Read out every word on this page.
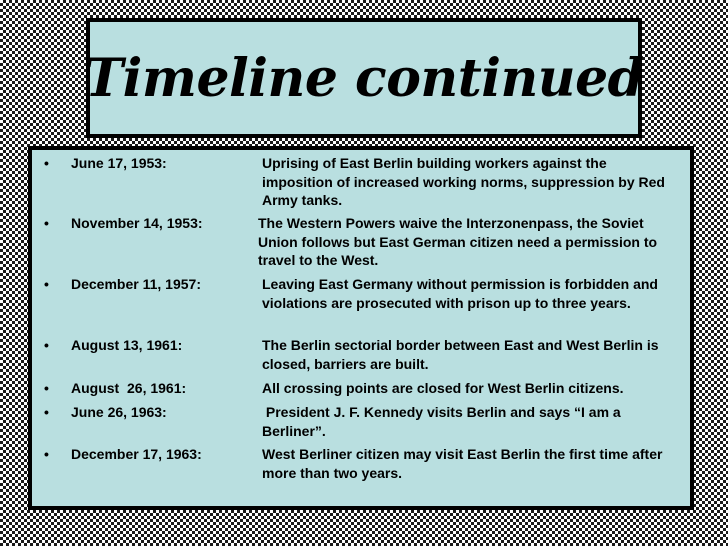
Timeline continued
• June 17, 1953:	Uprising of East Berlin building workers against the imposition of increased working norms, suppression by Red Army tanks.
• November 14, 1953:	The Western Powers waive the Interzonenpass, the Soviet Union follows but East German citizen need a permission to travel to the West.
• December 11, 1957:	Leaving East Germany without permission is forbidden and violations are prosecuted with prison up to three years.
• August 13, 1961:	The Berlin sectorial border between East and West Berlin is closed, barriers are built.
• August  26, 1961:	All crossing points are closed for West Berlin citizens.
• June 26, 1963:	President J. F. Kennedy visits Berlin and says “I am a Berliner”.
• December 17, 1963:	West Berliner citizen may visit East Berlin the first time after more than two years.
